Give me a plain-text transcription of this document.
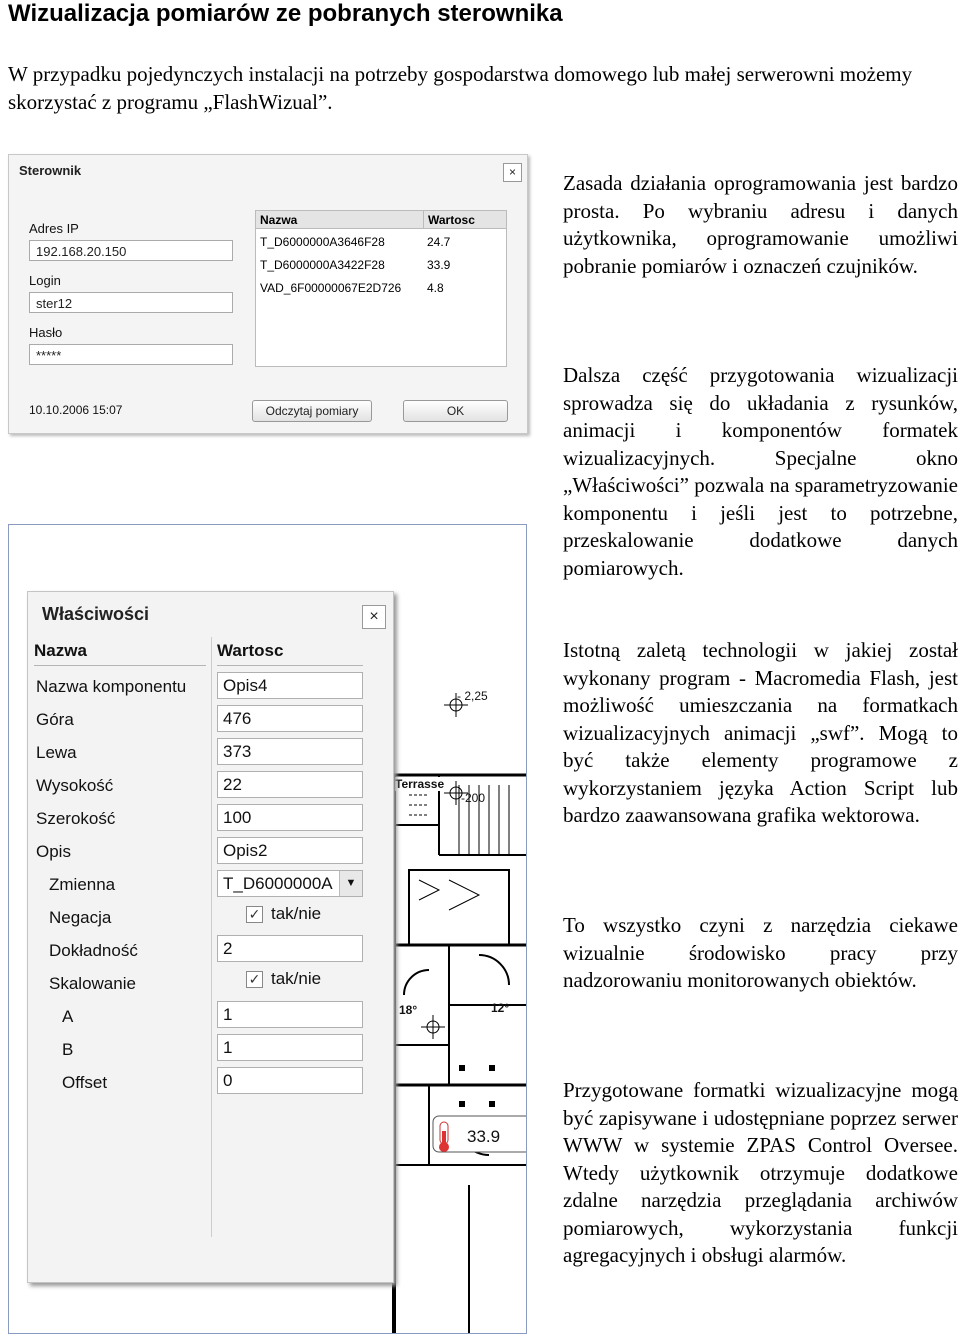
Wizualizacja pomiarów ze pobranych sterownika
W przypadku pojedynczych instalacji na potrzeby gospodarstwa domowego lub małej serwerowni możemy skorzystać z programu „FlashWizual”.
Sterownik	×
Adres IP
192.168.20.150
Login
ster12
Hasło
*****
Nazwa	Wartosc
T_D6000000A3646F28	24.7
T_D6000000A3422F28	33.9
VAD_6F00000067E2D726 4.8
10.10.2006 15:07	Odczytaj pomiary	OK
- 2,25
Terrasse
-200
18°	12°
33.9
Właściwości	×
Nazwa	Wartosc
Nazwa komponentu	Opis4
Góra	476
Lewa	373
Wysokość	22
Szerokość	100
Opis	Opis2
Zmienna	T_D6000000A	▼
Negacja	✓ tak/nie
Dokładność	2
Skalowanie	✓ tak/nie
A	1
B	1
Offset	0
Zasada działania oprogramowania jest bardzo prosta. Po wybraniu adresu i danych użytkownika, oprogramowanie umożliwi pobranie pomiarów i oznaczeń czujników.
Dalsza część przygotowania wizualizacji sprowadza się do układania z rysunków, animacji i komponentów formatek wizualizacyjnych. Specjalne okno „Właściwości” pozwala na sparametryzowanie komponentu i jeśli jest to potrzebne, przeskalowanie dodatkowe danych pomiarowych.
Istotną zaletą technologii w jakiej został wykonany program - Macromedia Flash, jest możliwość umieszczania na formatkach wizualizacyjnych animacji „swf”. Mogą to być także elementy programowe z wykorzystaniem języka Action Script lub bardzo zaawansowana grafika wektorowa.
To wszystko czyni z narzędzia ciekawe wizualnie środowisko pracy przy nadzorowaniu monitorowanych obiektów.
Przygotowane formatki wizualizacyjne mogą być zapisywane i udostępniane poprzez serwer WWW w systemie ZPAS Control Oversee. Wtedy użytkownik otrzymuje dodatkowe zdalne narzędzia przeglądania archiwów pomiarowych, wykorzystania funkcji agregacyjnych i obsługi alarmów.
